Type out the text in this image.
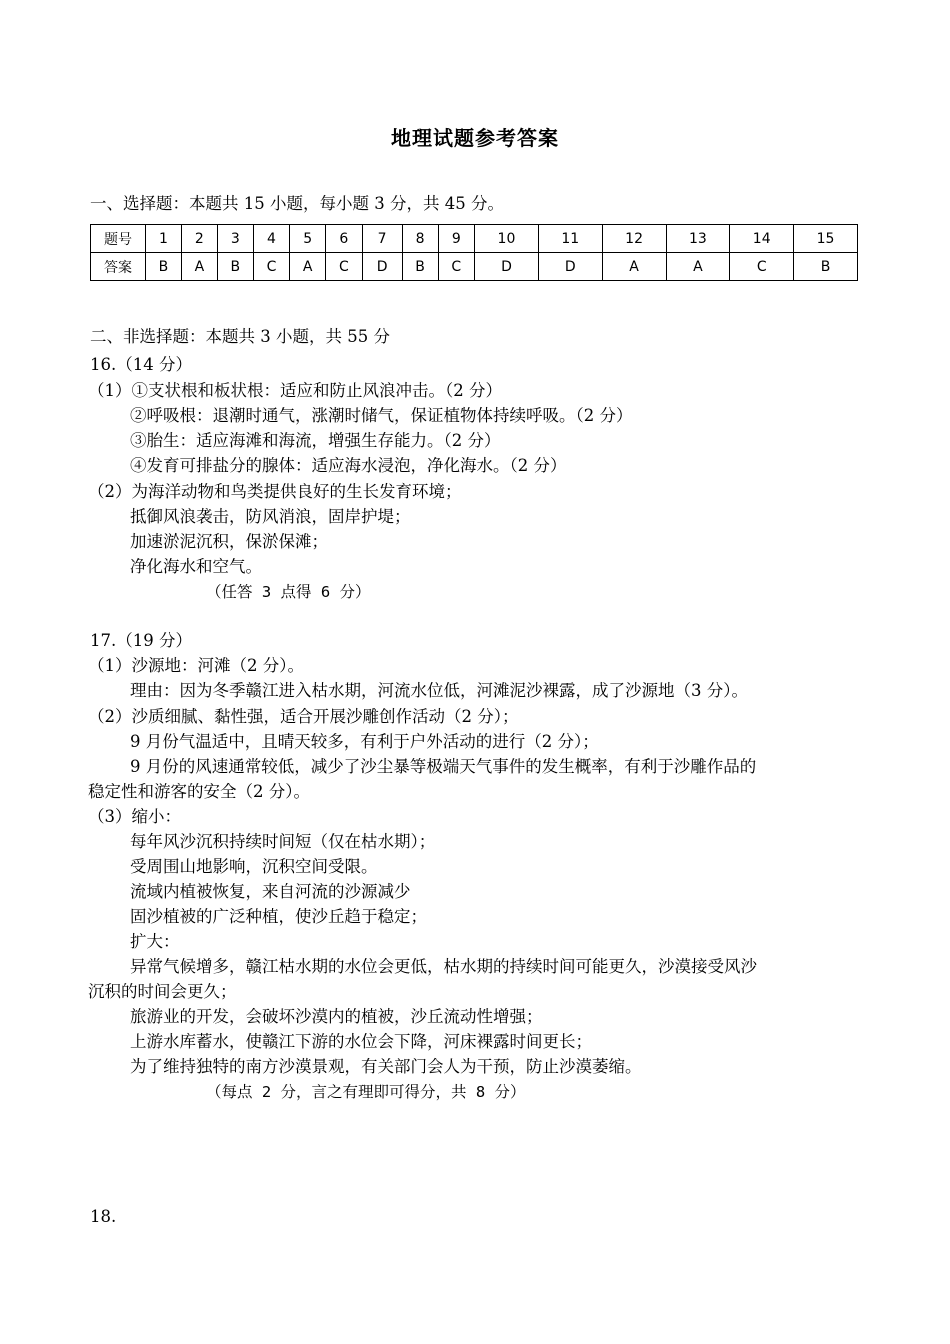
地理试题参考答案
一、选择题：本题共 15 小题，每小题 3 分，共 45 分。
题号	1	2	3	4	5	6	7	8	9	10	11	12	13	14	15
答案	B	A	B	C	A	C	D	B	C	D	D	A	A	C	B
二、非选择题：本题共 3 小题，共 55 分
16.（14 分）
（1）①支状根和板状根：适应和防止风浪冲击。（2 分）
②呼吸根：退潮时通气，涨潮时储气，保证植物体持续呼吸。（2 分）
③胎生：适应海滩和海流，增强生存能力。（2 分）
④发育可排盐分的腺体：适应海水浸泡，净化海水。（2 分）
（2）为海洋动物和鸟类提供良好的生长发育环境；
抵御风浪袭击，防风消浪，固岸护堤；
加速淤泥沉积，保淤保滩；
净化海水和空气。
（任答 3 点得 6 分）
17.（19 分）
（1）沙源地：河滩（2 分）。
理由：因为冬季赣江进入枯水期，河流水位低，河滩泥沙裸露，成了沙源地（3 分）。
（2）沙质细腻、黏性强，适合开展沙雕创作活动（2 分）；
9 月份气温适中，且晴天较多，有利于户外活动的进行（2 分）；
9 月份的风速通常较低，减少了沙尘暴等极端天气事件的发生概率，有利于沙雕作品的
稳定性和游客的安全（2 分）。
（3）缩小：
每年风沙沉积持续时间短（仅在枯水期）；
受周围山地影响，沉积空间受限。
流域内植被恢复，来自河流的沙源减少
固沙植被的广泛种植，使沙丘趋于稳定；
扩大：
异常气候增多，赣江枯水期的水位会更低，枯水期的持续时间可能更久，沙漠接受风沙
沉积的时间会更久；
旅游业的开发，会破坏沙漠内的植被，沙丘流动性增强；
上游水库蓄水，使赣江下游的水位会下降，河床裸露时间更长；
为了维持独特的南方沙漠景观，有关部门会人为干预，防止沙漠萎缩。
（每点 2 分，言之有理即可得分，共 8 分）
18.
